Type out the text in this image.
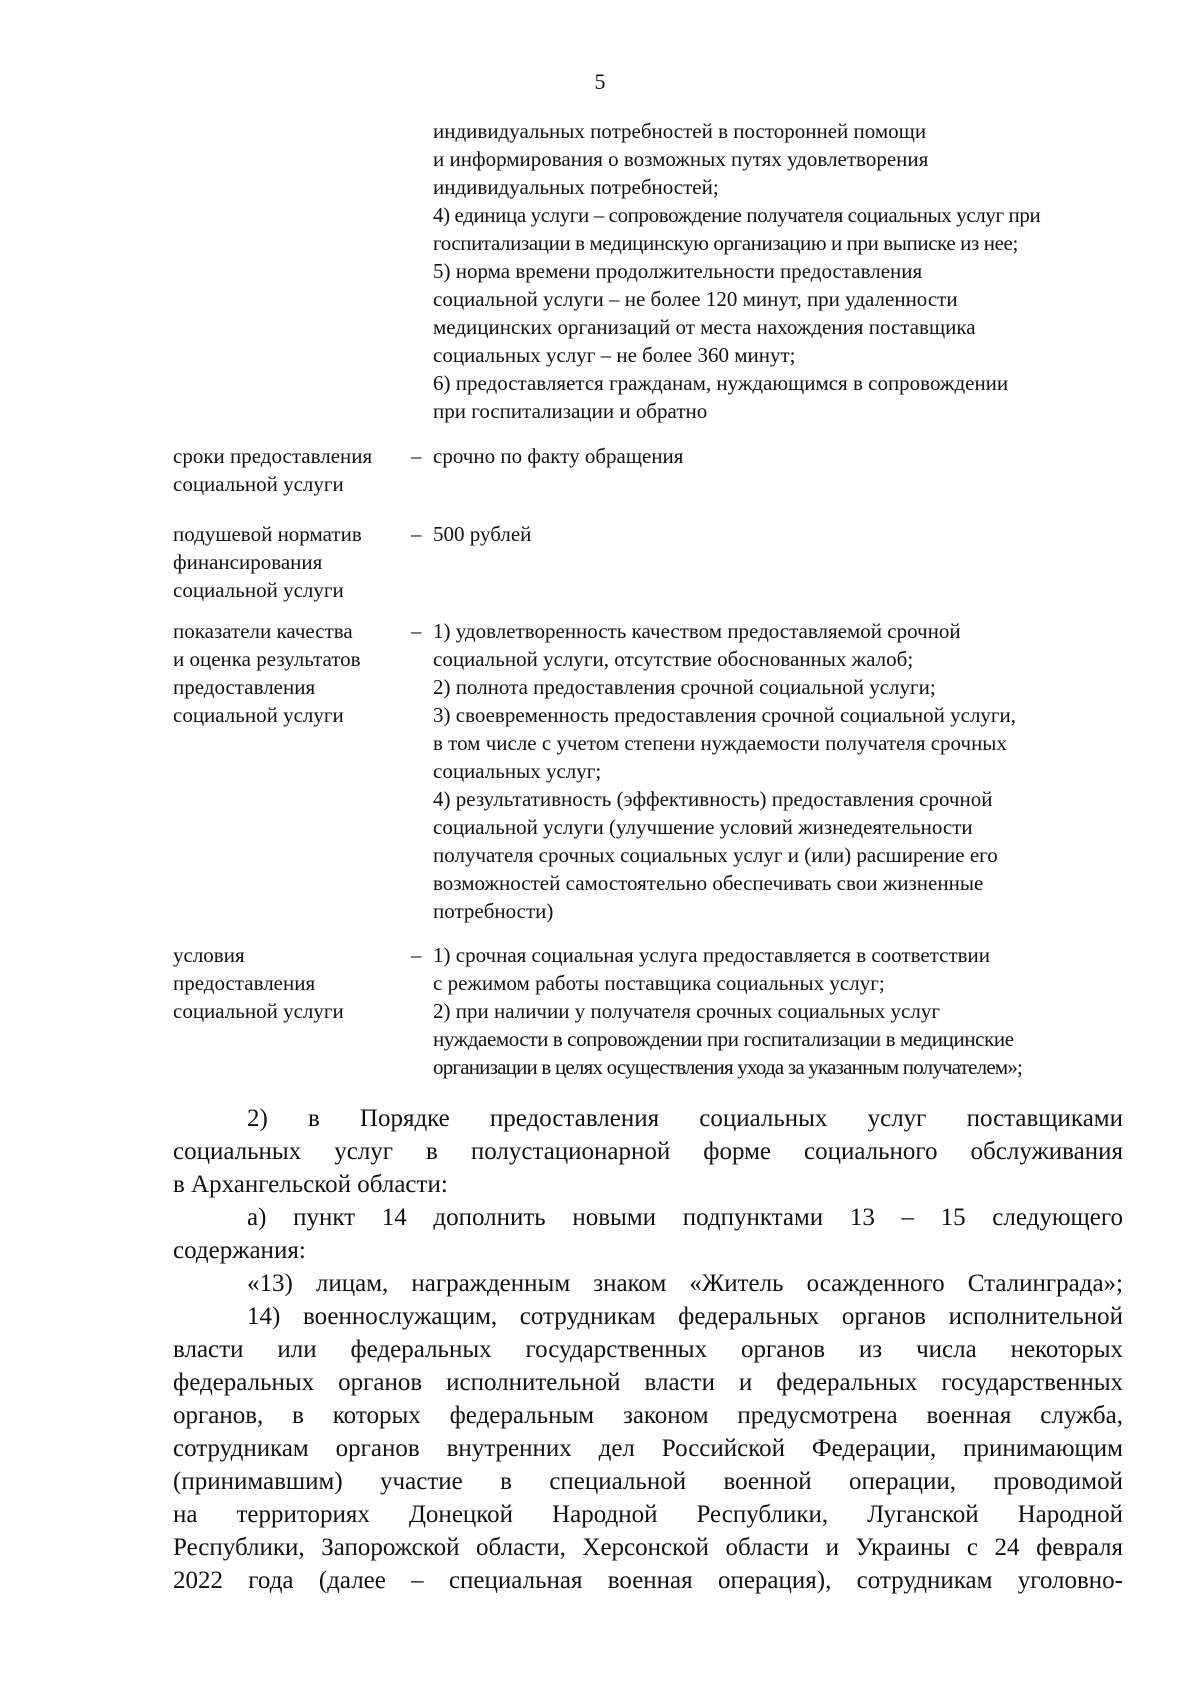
5
индивидуальных потребностей в посторонней помощи
и информирования о возможных путях удовлетворения
индивидуальных потребностей;
4) единица услуги – сопровождение получателя социальных услуг при
госпитализации в медицинскую организацию и при выписке из нее;
5) норма времени продолжительности предоставления
социальной услуги – не более 120 минут, при удаленности
медицинских организаций от места нахождения поставщика
социальных услуг – не более 360 минут;
6) предоставляется гражданам, нуждающимся в сопровождении
при госпитализации и обратно
сроки предоставления
социальной услуги
– срочно по факту обращения
подушевой норматив
финансирования
социальной услуги
– 500 рублей
показатели качества
и оценка результатов
предоставления
социальной услуги
– 1) удовлетворенность качеством предоставляемой срочной
социальной услуги, отсутствие обоснованных жалоб;
2) полнота предоставления срочной социальной услуги;
3) своевременность предоставления срочной социальной услуги,
в том числе с учетом степени нуждаемости получателя срочных
социальных услуг;
4) результативность (эффективность) предоставления срочной
социальной услуги (улучшение условий жизнедеятельности
получателя срочных социальных услуг и (или) расширение его
возможностей самостоятельно обеспечивать свои жизненные
потребности)
условия
предоставления
социальной услуги
– 1) срочная социальная услуга предоставляется в соответствии
с режимом работы поставщика социальных услуг;
2) при наличии у получателя срочных социальных услуг
нуждаемости в сопровождении при госпитализации в медицинские
организации в целях осуществления ухода за указанным получателем»;
2) в Порядке предоставления социальных услуг поставщиками
социальных услуг в полустационарной форме социального обслуживания
в Архангельской области:
а) пункт 14 дополнить новыми подпунктами 13 – 15 следующего
содержания:
«13) лицам, награжденным знаком «Житель осажденного Сталинграда»;
14) военнослужащим, сотрудникам федеральных органов исполнительной
власти или федеральных государственных органов из числа некоторых
федеральных органов исполнительной власти и федеральных государственных
органов, в которых федеральным законом предусмотрена военная служба,
сотрудникам органов внутренних дел Российской Федерации, принимающим
(принимавшим) участие в специальной военной операции, проводимой
на территориях Донецкой Народной Республики, Луганской Народной
Республики, Запорожской области, Херсонской области и Украины с 24 февраля
2022 года (далее – специальная военная операция), сотрудникам уголовно-
